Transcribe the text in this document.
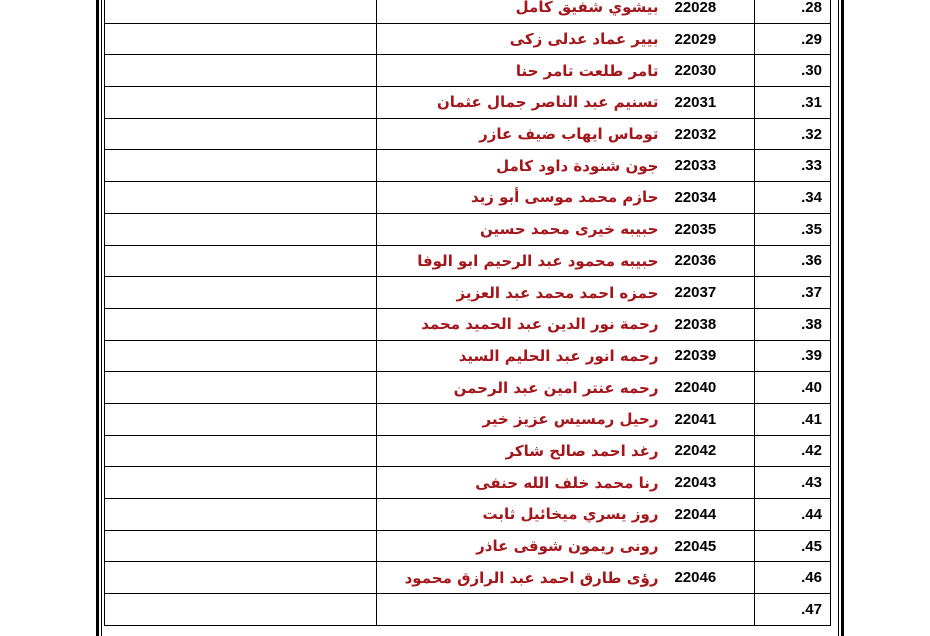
	بيشوي شفيق كامل	22028	.28
	بيير عماد عدلى زكى	22029	.29
	تامر طلعت تامر حنا	22030	.30
	تسنيم عبد الناصر جمال عثمان	22031	.31
	توماس ايهاب ضيف عازر	22032	.32
	جون شنودة داود كامل	22033	.33
	حازم محمد موسى أبو زيد	22034	.34
	حبيبه خيرى محمد حسين	22035	.35
	حبيبه محمود عبد الرحيم ابو الوفا	22036	.36
	حمزه احمد محمد عبد العزيز	22037	.37
	رحمة نور الدين عبد الحميد محمد	22038	.38
	رحمه انور عبد الحليم السيد	22039	.39
	رحمه عنتر امين عبد الرحمن	22040	.40
	رحيل رمسيس عزيز خير	22041	.41
	رغد احمد صالح شاكر	22042	.42
	رنا محمد خلف الله حنفى	22043	.43
	روز يسري ميخائيل ثابت	22044	.44
	رونى ريمون شوقى عاذر	22045	.45
	رؤى طارق احمد عبد الرازق محمود	22046	.46
			.47
